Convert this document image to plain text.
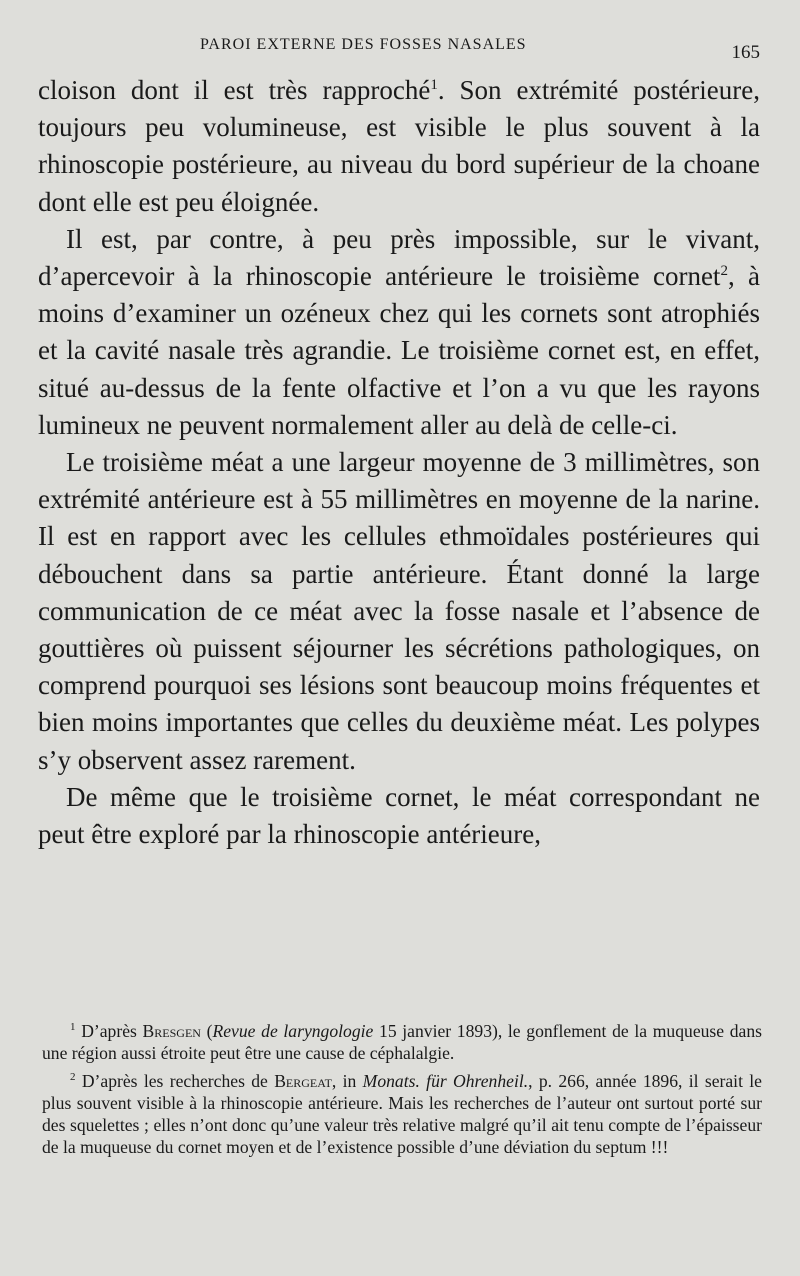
PAROI EXTERNE DES FOSSES NASALES	165

cloison dont il est très rapproché$^1$. Son extrémité postérieure, toujours peu volumineuse, est visible le plus souvent à la rhinoscopie postérieure, au niveau du bord supérieur de la choane dont elle est peu éloignée.

Il est, par contre, à peu près impossible, sur le vivant, d’apercevoir à la rhinoscopie antérieure le troisième cornet$^2$, à moins d’examiner un ozéneux chez qui les cornets sont atrophiés et la cavité nasale très agrandie. Le troisième cornet est, en effet, situé au-dessus de la fente olfactive et l’on a vu que les rayons lumineux ne peuvent normalement aller au delà de celle-ci.

Le troisième méat a une largeur moyenne de 3 millimètres, son extrémité antérieure est à 55 millimètres en moyenne de la narine. Il est en rapport avec les cellules ethmoïdales postérieures qui débouchent dans sa partie antérieure. Étant donné la large communication de ce méat avec la fosse nasale et l’absence de gouttières où puissent séjourner les sécrétions pathologiques, on comprend pourquoi ses lésions sont beaucoup moins fréquentes et bien moins importantes que celles du deuxième méat. Les polypes s’y observent assez rarement.

De même que le troisième cornet, le méat correspondant ne peut être exploré par la rhinoscopie antérieure,

$^1$ D’après Bresgen (Revue de laryngologie 15 janvier 1893), le gonflement de la muqueuse dans une région aussi étroite peut être une cause de céphalalgie.

$^2$ D’après les recherches de Bergeat, in Monats. für Ohrenheil., p. 266, année 1896, il serait le plus souvent visible à la rhinoscopie antérieure. Mais les recherches de l’auteur ont surtout porté sur des squelettes ; elles n’ont donc qu’une valeur très relative malgré qu’il ait tenu compte de l’épaisseur de la muqueuse du cornet moyen et de l’existence possible d’une déviation du septum !!!
